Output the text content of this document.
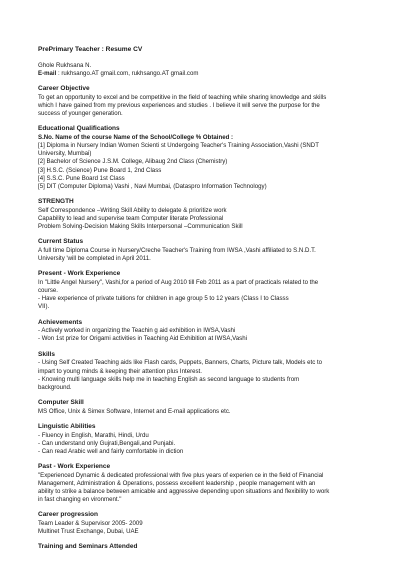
PrePrimary Teacher : Resume CV
Ghole Rukhsana N.
E-mail : rukhsango.AT gmail.com, rukhsango.AT gmail.com
Career Objective
To get an opportunity to excel and be competitive in the field of teaching while sharing knowledge and skills
which I have gained from my previous experiences and studies . I believe it will serve the purpose for the
success of younger generation.
Educational Qualifications
S.No. Name of the course Name of the School/College % Obtained :
[1] Diploma in Nursery Indian Women Scienti st Undergoing Teacher's Training Association,Vashi (SNDT
University, Mumbai)
[2] Bachelor of Science J.S.M. College, Alibaug 2nd Class (Chemistry)
[3] H.S.C. (Science) Pune Board 1, 2nd Class
[4] S.S.C. Pune Board 1st Class
[5] DIT (Computer Diploma) Vashi , Navi Mumbai, (Dataspro Information Technology)
STRENGTH
Self Correspondence –Writing Skill Ability to delegate & prioritize work
Capability to lead and supervise team Computer literate Professional
Problem Solving-Decision Making Skills Interpersonal –Communication Skill
Current Status
A full time Diploma Course in Nursery/Creche Teacher's Training from IWSA ,Vashi affiliated to S.N.D.T.
University 'will be completed in April 2011.
Present - Work Experience
In "Little Angel Nursery", Vashi,for a period of Aug 2010 till Feb 2011 as a part of practicals related to the
course.
- Have experience of private tuitions for children in age group 5 to 12 years (Class I to Classs
VII).
Achievements
- Actively worked in organizing the Teachin g aid exhibition in IWSA,Vashi
- Won 1st prize for Origami activities in Teaching Aid Exhibition at IWSA,Vashi
Skills
- Using Self Created Teaching aids like Flash cards, Puppets, Banners, Charts, Picture talk, Models etc to
impart to young minds & keeping their attention plus Interest.
- Knowing multi language skills help me in teaching English as second language to students from
background.
Computer Skill
MS Office, Unix & Simex Software, Internet and E-mail applications etc.
Linguistic Abilities
- Fluency in English, Marathi, Hindi, Urdu
- Can understand only Gujrati,Bengali,and Punjabi.
- Can read Arabic well and fairly comfortable in diction
Past - Work Experience
"Experienced Dynamic & dedicated professional with five plus years of experien ce in the field of Financial
Management, Administration & Operations, possess excellent leadership , people management with an
ability to strike a balance between amicable and aggressive depending upon situations and flexibility to work
in fast changing en vironment."
Career progression
Team Leader & Supervisor 2005- 2009
Multinet Trust Exchange, Dubai, UAE
Training and Seminars Attended
